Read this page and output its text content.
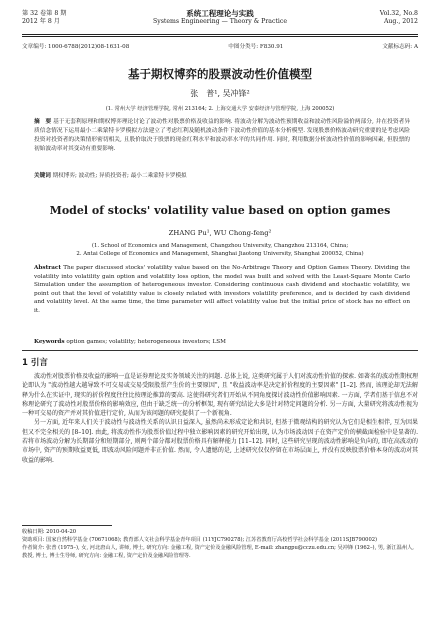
第 32 卷第 8 期
2012 年 8 月
系统工程理论与实践
Systems Engineering — Theory & Practice
Vol.32, No.8
Aug., 2012
文章编号: 1000-6788(2012)08-1631-08	中图分类号: F830.91	文献标志码: A
基于期权博弈的股票波动性价值模型
张　普¹, 吴冲锋²
(1. 常州大学 经济管理学院, 常州 213164; 2. 上海交通大学 安泰经济与管理学院, 上海 200052)
摘　要 基于无套利原理和期权博弈理论讨论了波动性对股票价格及收益的影响. 将波动分解为波动性预期收益和波动性风险溢价两部分, 并在投资者异质信念情况下运用最小二乘蒙特卡罗模拟方法建立了考虑红利及随机波动条件下波动性价值的基本分析模型. 发现股票价格波动研究重要的是考虑风险投资对投资者的决策情形密切相关, 且股价取决于股票的现金红利水平和波动率水平的共同作用. 同时, 利用数据分析波动性价值的影响因素, 但股票的初始波动率对其变动有重要影响.
关键词 期权博弈; 波动性; 异质投资者; 最小二乘蒙特卡罗模拟
Model of stocks' volatility value based on option games
ZHANG Pu¹, WU Chong-feng²
(1. School of Economics and Management, Changzhou University, Changzhou 213164, China;
2. Antai College of Economics and Management, Shanghai Jiaotong University, Shanghai 200052, China)
Abstract The paper discussed stocks' volatility value based on the No-Arbitrage Theory and Option Games Theory. Dividing the volatility into volatility gain option and volatility loss option, the model was built and solved with the Least-Square Monte Carlo Simulation under the assumption of heterogeneous investor. Considering continuous cash dividend and stochastic volatility, we point out that the level of volatility value is closely related with investors volatility preference, and is decided by cash dividend and volatility level. At the same time, the time parameter will affect volatility value but the initial price of stock has no effect on it.
Keywords option games; volatility; heterogeneous investors; LSM
1 引言

波动性对股票价格及收益的影响一直是证券理论及实务领域关注的问题. 总体上说, 这类研究属于人们对波动性价值的探索. 如著名的波动性期权理论即认为 "波动性越大越导致不可交易或交易受限股票产生价的主要原因", 且 "收益波动率是决定折价程度的主要因素" [1–2]. 然而, 该理论却无法解释为什么在实证中, 现实的折价程度往往比按理论推算的要高. 这使得研究者们开始从不同角度探讨波动性价值影响因素. 一方面, 学者们基于信息不对称理论研究了波动性对股票价格的影响效应, 但由于缺乏统一的分析框架, 现有研究结论大多是针对特定问题的分析. 另一方面, 大量研究将波动性视为一种可交易的资产并对其价值进行定价, 从而为该问题的研究提供了一个新视角.

另一方面, 近年来人们关于波动性与波动性关系的认识日益深入, 虽然尚未形成定论和共识, 但基于微观结构的研究认为它们是相生相伴, 互为因果但又不完全相关的 [8–10]. 由此, 将波动性作为股票价值过程中独立影响因素的研究开始出现, 认为市场波动因子在资产定价的横截面检验中是显著的. 若将市场波动分解为长期部分和短期部分, 则两个部分都对股票价格具有解释能力 [11–12]. 同时, 这些研究呈现的波动性影响是负向的, 即在高波动的市场中, 资产的预期收益更低, 即波动风险问题并非正价值. 然而, 令人遗憾的是, 上述研究仅仅停留在市场层面上, 并没有反映股票价格本身的波动对其收益的影响.

收稿日期: 2010-04-20
资助项目: 国家自然科学基金 (70671068); 教育部人文社会科学基金青年项目 (11YJC790278); 江苏省教育厅高校哲学社会科学基金 (2011SJB790002)
作者简介: 张普 (1975–), 女, 河北唐山人, 讲师, 博士, 研究方向: 金融工程, 资产定价及金融风险管理, E-mail: zhangpu@cczu.edu.cn; 吴冲锋 (1962–), 男, 浙江温州人, 教授, 博士, 博士生导师, 研究方向: 金融工程, 资产定价及金融风险管理等.
